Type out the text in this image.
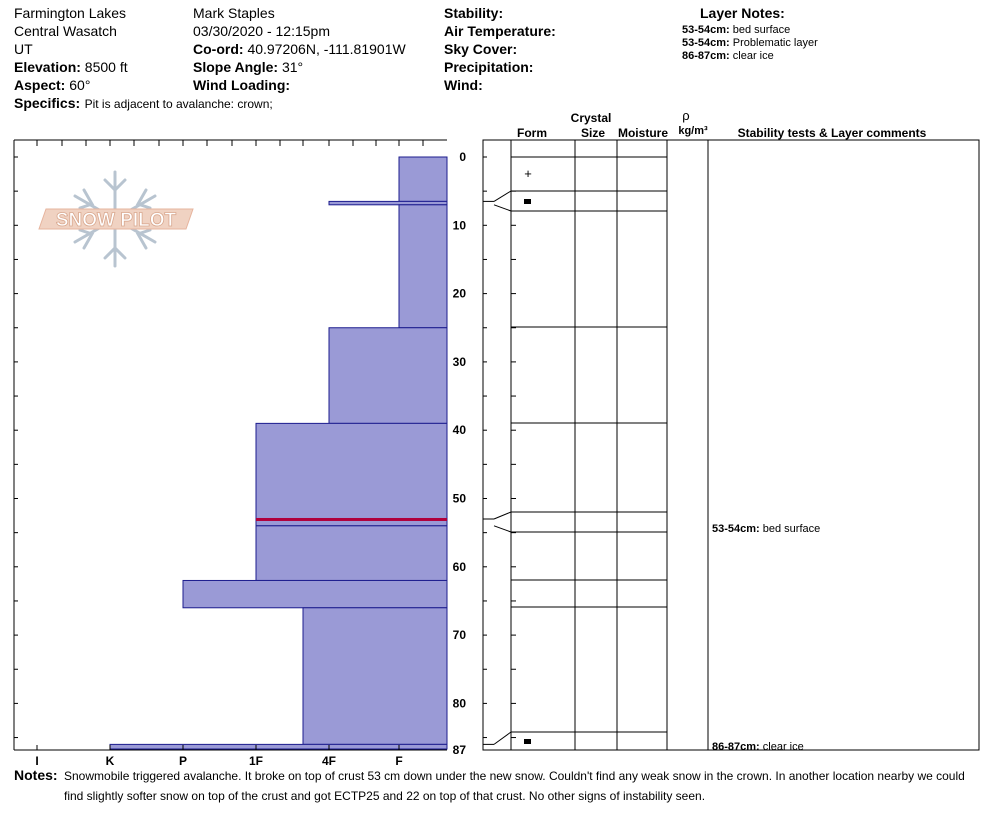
Farmington Lakes
Central Wasatch
UT
Elevation: 8500 ft
Aspect: 60°
Specifics: Pit is adjacent to avalanche: crown;
Mark Staples
03/30/2020 - 12:15pm
Co-ord: 40.97206N, -111.81901W
Slope Angle: 31°
Wind Loading:
Stability:
Air Temperature:
Sky Cover:
Precipitation:
Wind:
Layer Notes:
53-54cm: bed surface
53-54cm: Problematic layer
86-87cm: clear ice
SNOW PILOT
I	K	P	1F	4F	F
0
10
20
30
40
50
60
70
80
87
Crystal
Form	Size Moisture
ρ
kg/m³ Stability tests & Layer comments
+
53-54cm: bed surface
86-87cm: clear ice
Notes: Snowmobile triggered avalanche. It broke on top of crust 53 cm down under the new snow. Couldn't find any weak snow in the crown. In another location nearby we could find slightly softer snow on top of the crust and got ECTP25 and 22 on top of that crust. No other signs of instability seen.
